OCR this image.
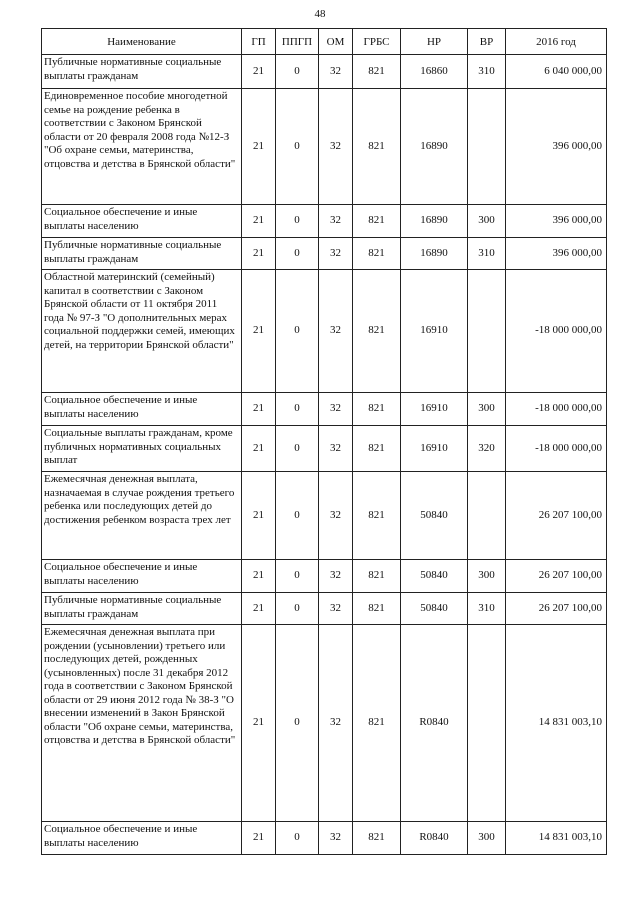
48
Наименование	ГП	ППГП	ОМ	ГРБС	НР	ВР	2016 год
Публичные нормативные социальные выплаты гражданам	21	0	32	821	16860	310	6 040 000,00
Единовременное пособие многодетной семье на рождение ребенка в соответствии с Законом Брянской области от 20 февраля 2008 года №12-З "Об охране семьи, материнства, отцовства и детства в Брянской области"	21	0	32	821	16890		396 000,00
Социальное обеспечение и иные выплаты населению	21	0	32	821	16890	300	396 000,00
Публичные нормативные социальные выплаты гражданам	21	0	32	821	16890	310	396 000,00
Областной материнский (семейный) капитал в соответствии с Законом Брянской области от 11 октября 2011 года № 97-З "О дополнительных мерах социальной поддержки семей, имеющих детей, на территории Брянской области"	21	0	32	821	16910		-18 000 000,00
Социальное обеспечение и иные выплаты населению	21	0	32	821	16910	300	-18 000 000,00
Социальные выплаты гражданам, кроме публичных нормативных социальных выплат	21	0	32	821	16910	320	-18 000 000,00
Ежемесячная денежная выплата, назначаемая в случае рождения третьего ребенка или последующих детей до достижения ребенком возраста трех лет	21	0	32	821	50840		26 207 100,00
Социальное обеспечение и иные выплаты населению	21	0	32	821	50840	300	26 207 100,00
Публичные нормативные социальные выплаты гражданам	21	0	32	821	50840	310	26 207 100,00
Ежемесячная денежная выплата при рождении (усыновлении) третьего или последующих детей, рожденных (усыновленных) после 31 декабря 2012 года в соответствии с Законом Брянской области от 29 июня 2012 года № 38-З "О внесении изменений в Закон Брянской области "Об охране семьи, материнства, отцовства и детства в Брянской области"	21	0	32	821	R0840		14 831 003,10
Социальное обеспечение и иные выплаты населению	21	0	32	821	R0840	300	14 831 003,10
